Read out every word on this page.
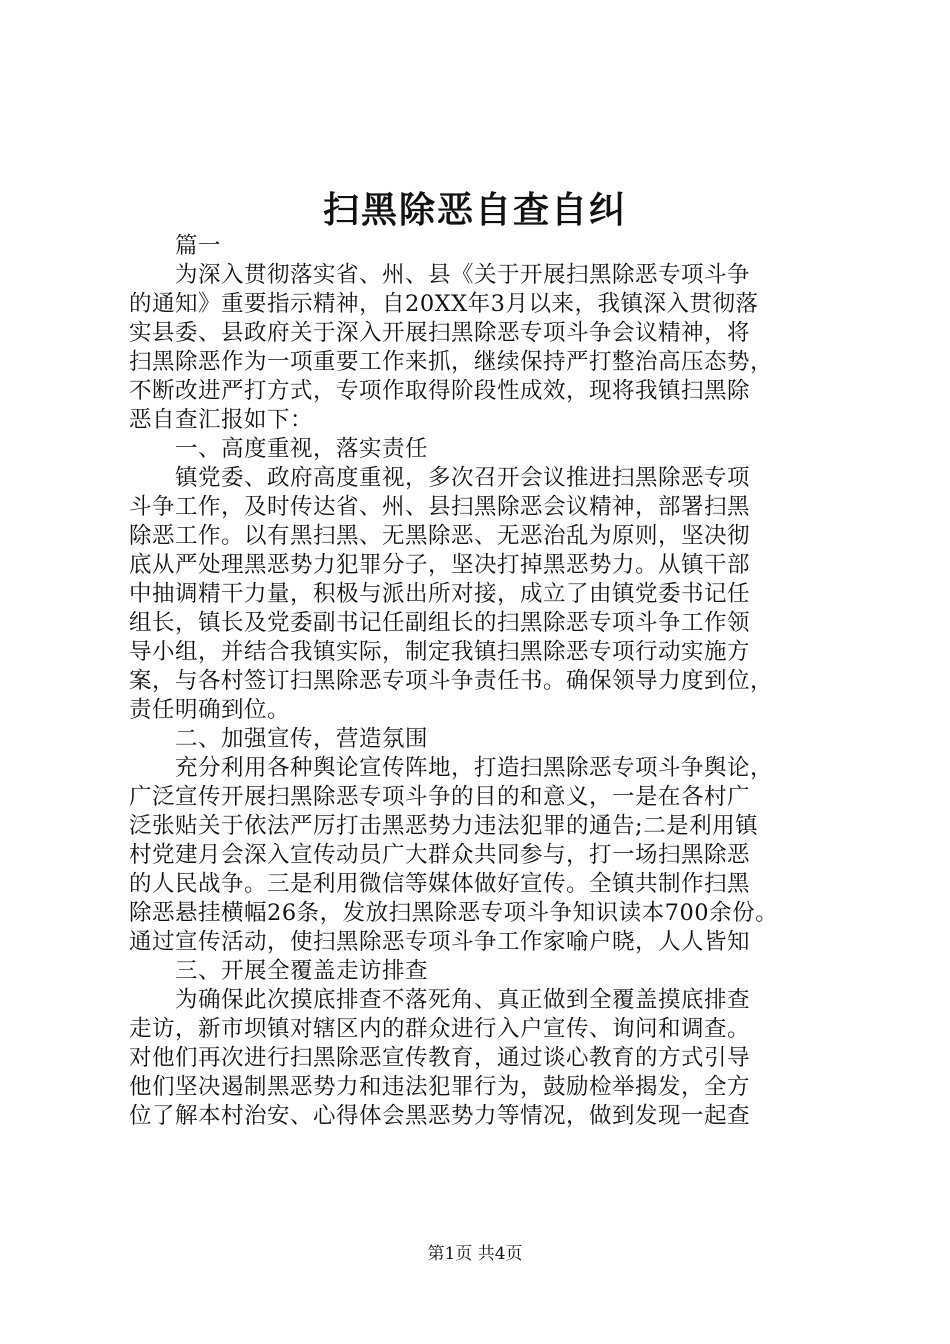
扫黑除恶自查自纠
　　篇一
　　为深入贯彻落实省、州、县《关于开展扫黑除恶专项斗争
的通知》重要指示精神，自20XX年3月以来，我镇深入贯彻落
实县委、县政府关于深入开展扫黑除恶专项斗争会议精神，将
扫黑除恶作为一项重要工作来抓，继续保持严打整治高压态势，
不断改进严打方式，专项作取得阶段性成效，现将我镇扫黑除
恶自查汇报如下：
　　一、高度重视，落实责任
　　镇党委、政府高度重视，多次召开会议推进扫黑除恶专项
斗争工作，及时传达省、州、县扫黑除恶会议精神，部署扫黑
除恶工作。以有黑扫黑、无黑除恶、无恶治乱为原则，坚决彻
底从严处理黑恶势力犯罪分子，坚决打掉黑恶势力。从镇干部
中抽调精干力量，积极与派出所对接，成立了由镇党委书记任
组长，镇长及党委副书记任副组长的扫黑除恶专项斗争工作领
导小组，并结合我镇实际，制定我镇扫黑除恶专项行动实施方
案，与各村签订扫黑除恶专项斗争责任书。确保领导力度到位，
责任明确到位。
　　二、加强宣传，营造氛围
　　充分利用各种舆论宣传阵地，打造扫黑除恶专项斗争舆论，
广泛宣传开展扫黑除恶专项斗争的目的和意义，一是在各村广
泛张贴关于依法严厉打击黑恶势力违法犯罪的通告;二是利用镇
村党建月会深入宣传动员广大群众共同参与，打一场扫黑除恶
的人民战争。三是利用微信等媒体做好宣传。全镇共制作扫黑
除恶悬挂横幅26条，发放扫黑除恶专项斗争知识读本700余份。
通过宣传活动，使扫黑除恶专项斗争工作家喻户晓，人人皆知
　　三、开展全覆盖走访排查
　　为确保此次摸底排查不落死角、真正做到全覆盖摸底排查
走访，新市坝镇对辖区内的群众进行入户宣传、询问和调查。
对他们再次进行扫黑除恶宣传教育，通过谈心教育的方式引导
他们坚决遏制黑恶势力和违法犯罪行为，鼓励检举揭发，全方
位了解本村治安、心得体会黑恶势力等情况，做到发现一起查
第1页 共4页
